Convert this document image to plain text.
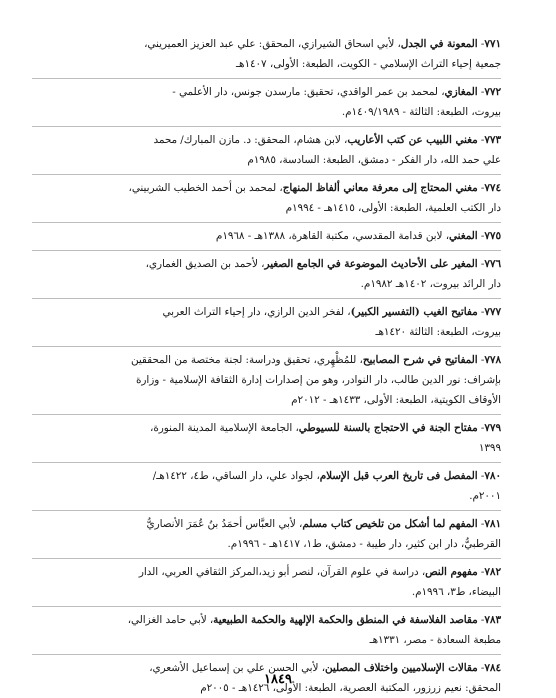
٧٧١- المعونة في الجدل، لأبي اسحاق الشيرازي، المحقق: علي عبد العزيز العميريني،

جمعية إحياء التراث الإسلامي - الكويت، الطبعة: الأولى، ١٤٠٧هـ

٧٧٢- المغازي، لمحمد بن عمر الواقدي، تحقيق: مارسدن جونس، دار الأعلمي -

بيروت، الطبعة: الثالثة - ١٤٠٩/١٩٨٩م.

٧٧٣- مغني اللبيب عن كتب الأعاريب، لابن هشام، المحقق: د. مازن المبارك/ محمد

علي حمد الله، دار الفكر - دمشق، الطبعة: السادسة، ١٩٨٥م

٧٧٤- مغني المحتاج إلى معرفة معاني ألفاظ المنهاج، لمحمد بن أحمد الخطيب الشربيني،

دار الكتب العلمية، الطبعة: الأولى، ١٤١٥هـ - ١٩٩٤م

٧٧٥- المغني، لابن قدامة المقدسي، مكتبة القاهرة، ١٣٨٨هـ - ١٩٦٨م

٧٧٦- المغير على الأحاديث الموضوعة في الجامع الصغير، لأحمد بن الصديق الغماري،

دار الرائد بيروت، ١٤٠٢هـ ١٩٨٢م.

٧٧٧- مفاتيح الغيب (التفسير الكبير)، لفخر الدين الرازي، دار إحياء التراث العربي

بيروت، الطبعة: الثالثة ١٤٢٠هـ

٧٧٨- المفاتيح في شرح المصابيح، للمُظْهِري، تحقيق ودراسة: لجنة مختصة من المحققين

بإشراف: نور الدين طالب، دار النوادر، وهو من إصدارات إدارة الثقافة الإسلامية - وزارة

الأوقاف الكويتية، الطبعة: الأولى، ١٤٣٣هـ - ٢٠١٢م

٧٧٩- مفتاح الجنة في الاحتجاج بالسنة للسيوطي، الجامعة الإسلامية المدينة المنورة،

١٣٩٩

٧٨٠- المفصل فى تاريخ العرب قبل الإسلام، لجواد علي، دار الساقي، ط٤، ١٤٢٢هـ/

٢٠٠١م.

٧٨١- المفهم لما أشكل من تلخيص كتاب مسلم، لأبي العبَّاس أحمَدُ بنُ عُمَرَ الأنصاريُّ

القرطبيُّ، دار ابن كثير، دار طيبة - دمشق، ط١، ١٤١٧هـ - ١٩٩٦م.

٧٨٢- مفهوم النص، دراسة في علوم القرآن، لنصر أبو زيد،المركز الثقافي العربي، الدار

البيضاء، ط٣، ١٩٩٦م.

٧٨٣- مقاصد الفلاسفة في المنطق والحكمة الإلهية والحكمة الطبيعية، لأبي حامد الغزالي،

مطبعة السعادة - مصر، ١٣٣١هـ

٧٨٤- مقالات الإسلاميين واختلاف المصلين، لأبي الحسن علي بن إسماعيل الأشعري،

المحقق: نعيم زرزور، المكتبة العصرية، الطبعة: الأولى، ١٤٢٦هـ - ٢٠٠٥م

١٨٤٩
